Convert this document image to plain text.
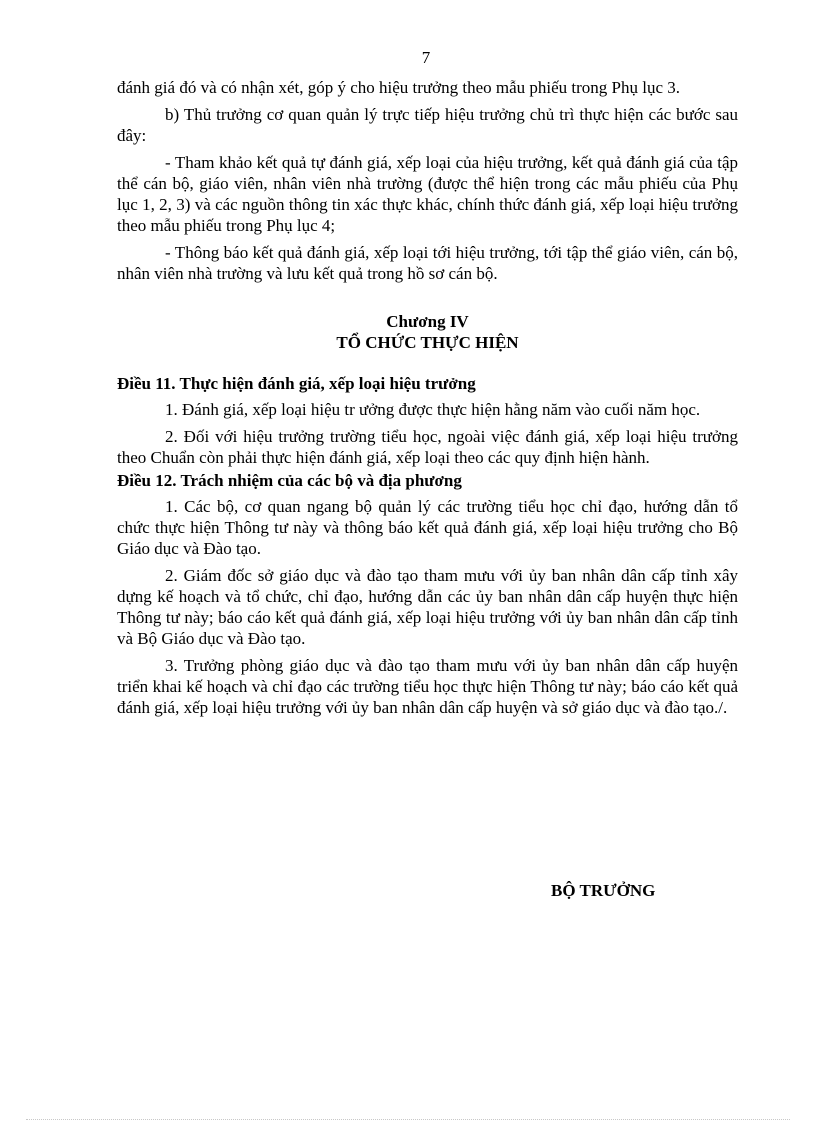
7

đánh giá đó và có nhận xét, góp ý cho hiệu trưởng theo mẫu phiếu trong Phụ lục 3.

b) Thủ trưởng cơ quan quản lý trực tiếp hiệu trưởng chủ trì thực hiện các bước sau đây:

- Tham khảo kết quả tự đánh giá, xếp loại của hiệu trưởng, kết quả đánh giá của tập thể cán bộ, giáo viên, nhân viên nhà trường (được thể hiện trong các mẫu phiếu của Phụ lục 1, 2, 3) và các nguồn thông tin xác thực khác, chính thức đánh giá, xếp loại hiệu trưởng theo mẫu phiếu trong Phụ lục 4;

- Thông báo kết quả đánh giá, xếp loại tới hiệu trưởng, tới tập thể giáo viên, cán bộ, nhân viên nhà trường và lưu kết quả trong hồ sơ cán bộ.

Chương IV
TỔ CHỨC THỰC HIỆN
Điều 11. Thực hiện đánh giá, xếp loại hiệu trưởng

1. Đánh giá, xếp loại hiệu tr ưởng được thực hiện hằng năm vào cuối năm học.

2. Đối với hiệu trưởng trường tiểu học, ngoài việc đánh giá, xếp loại hiệu trưởng theo Chuẩn còn phải thực hiện đánh giá, xếp loại theo các quy định hiện hành.

Điều 12. Trách nhiệm của các bộ và địa phương

1. Các bộ, cơ quan ngang bộ quản lý các trường tiểu học chỉ đạo, hướng dẫn tổ chức thực hiện Thông tư này và thông báo kết quả đánh giá, xếp loại hiệu trưởng cho Bộ Giáo dục và Đào tạo.

2. Giám đốc sở giáo dục và đào tạo tham mưu với ủy ban nhân dân cấp tỉnh xây dựng kế hoạch và tổ chức, chỉ đạo, hướng dẫn các ủy ban nhân dân cấp huyện thực hiện Thông tư này; báo cáo kết quả đánh giá, xếp loại hiệu trưởng với ủy ban nhân dân cấp tỉnh và Bộ Giáo dục và Đào tạo.

3. Trưởng phòng giáo dục và đào tạo tham mưu với ủy ban nhân dân cấp huyện triển khai kế hoạch và chỉ đạo các trường tiểu học thực hiện Thông tư này; báo cáo kết quả đánh giá, xếp loại hiệu trưởng với ủy ban nhân dân cấp huyện và sở giáo dục và đào tạo./.

BỘ TRƯỞNG
